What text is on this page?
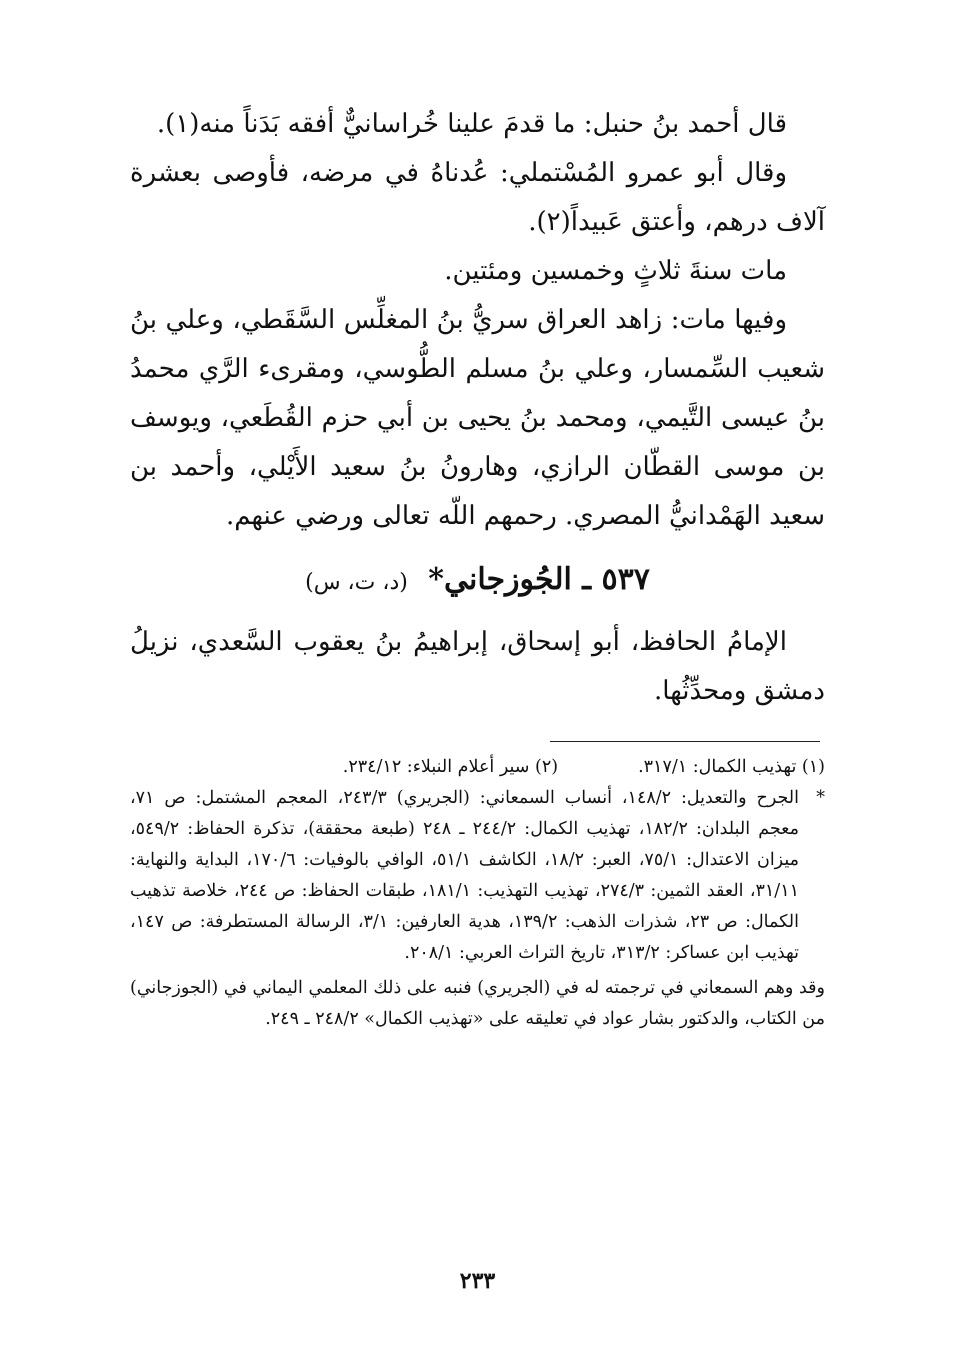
قال أحمد بنُ حنبل: ما قدمَ علينا خُراسانيٌّ أفقه بَدَناً منه(١).

وقال أبو عمرو المُسْتملي: عُدناهُ في مرضه، فأوصى بعشرة آلاف درهم، وأعتق عَبيداً(٢).

مات سنةَ ثلاثٍ وخمسين ومئتين.

وفيها مات: زاهد العراق سريُّ بنُ المغلِّس السَّقَطي، وعلي بنُ شعيب السِّمسار، وعلي بنُ مسلم الطُّوسي، ومقرىء الرَّي محمدُ بنُ عيسى التَّيمي، ومحمد بنُ يحيى بن أبي حزم القُطَعي، ويوسف بن موسى القطّان الرازي، وهارونُ بنُ سعيد الأَيْلي، وأحمد بن سعيد الهَمْدانيُّ المصري. رحمهم اللّه تعالى ورضي عنهم.

٥٣٧ ـ الجُوزجاني* (د، ت، س)

الإمامُ الحافظ، أبو إسحاق، إبراهيمُ بنُ يعقوب السَّعدي، نزيلُ دمشق ومحدِّثُها.

(١) تهذيب الكمال: ٣١٧/١.
(٢) سير أعلام النبلاء: ٢٣٤/١٢.
*
الجرح والتعديل: ١٤٨/٢، أنساب السمعاني: (الجريري) ٢٤٣/٣، المعجم المشتمل: ص ٧١، معجم البلدان: ١٨٢/٢، تهذيب الكمال: ٢٤٤/٢ ـ ٢٤٨ (طبعة محققة)، تذكرة الحفاظ: ٥٤٩/٢، ميزان الاعتدال: ٧٥/١، العبر: ١٨/٢، الكاشف ٥١/١، الوافي بالوفيات: ١٧٠/٦، البداية والنهاية: ٣١/١١، العقد الثمين: ٢٧٤/٣، تهذيب التهذيب: ١٨١/١، طبقات الحفاظ: ص ٢٤٤، خلاصة تذهيب الكمال: ص ٢٣، شذرات الذهب: ١٣٩/٢، هدية العارفين: ٣/١، الرسالة المستطرفة: ص ١٤٧، تهذيب ابن عساكر: ٣١٣/٢، تاريخ التراث العربي: ٢٠٨/١.
وقد وهم السمعاني في ترجمته له في (الجريري) فنبه على ذلك المعلمي اليماني في (الجوزجاني) من الكتاب، والدكتور بشار عواد في تعليقه على «تهذيب الكمال» ٢٤٨/٢ ـ ٢٤٩.
٢٣٣
